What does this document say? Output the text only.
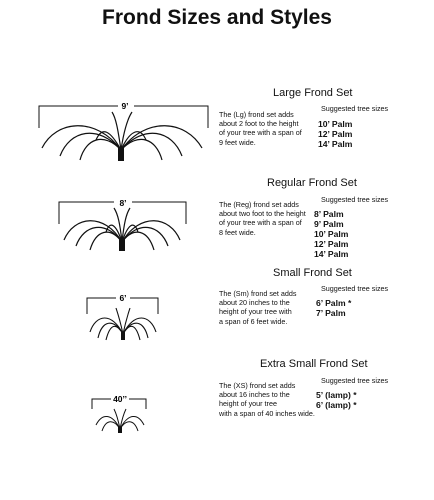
Frond Sizes and Styles
9’
Large Frond Set
The (Lg) frond set adds
about 2 foot to the height
of your tree with a span of
9 feet wide.
Suggested tree sizes
10’ Palm
12’ Palm
14’ Palm
8’
Regular Frond Set
The (Reg) frond set adds
about two foot to the height
of your tree with a span of
8 feet wide.
Suggested tree sizes
8’ Palm
9’ Palm
10’ Palm
12’ Palm
14’ Palm
6’
Small Frond Set
The (Sm) frond set adds
about 20 inches to the
height of your tree with
a span of 6 feet wide.
Suggested tree sizes
6’ Palm *
7’ Palm
40’’
Extra Small Frond Set
The (XS) frond set adds
about 16 inches to the
height of your tree
with a span of 40 inches wide.
Suggested tree sizes
5’ (lamp) *
6’ (lamp) *
